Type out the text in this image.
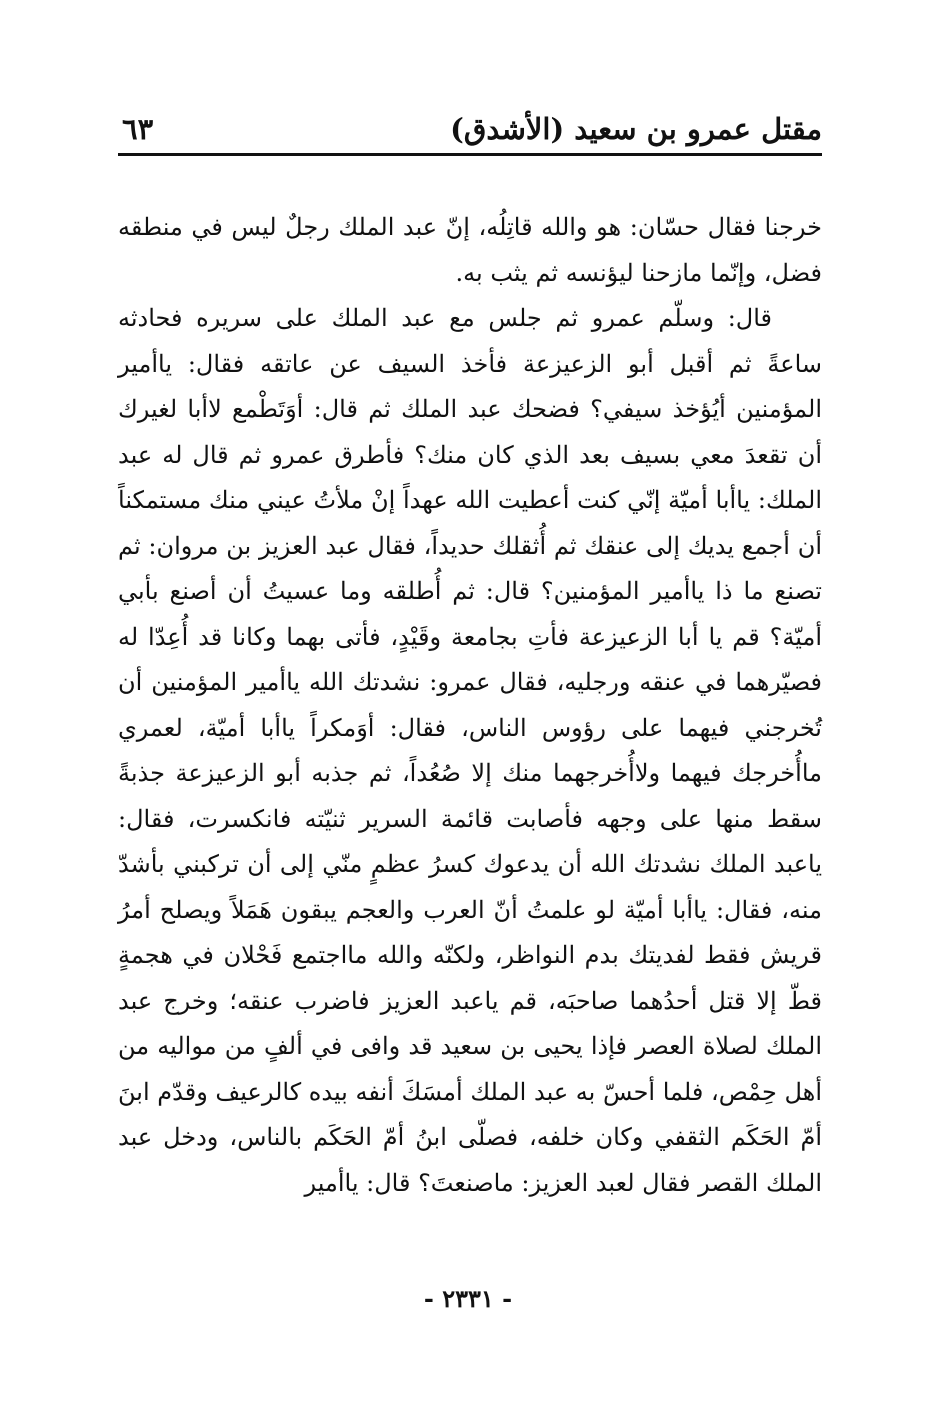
مقتل عمرو بن سعيد (الأشدق)
٦٣

خرجنا فقال حسّان: هو والله قاتِلُه، إنّ عبد الملك رجلٌ ليس في منطقه فضل، وإنّما مازحنا ليؤنسه ثم يثب به.

قال: وسلّم عمرو ثم جلس مع عبد الملك على سريره فحادثه ساعةً ثم أقبل أبو الزعيزعة فأخذ السيف عن عاتقه فقال: ياأمير المؤمنين أيُؤخذ سيفي؟ فضحك عبد الملك ثم قال: أوَتَطْمع لاأبا لغيرك أن تقعدَ معي بسيف بعد الذي كان منك؟ فأطرق عمرو ثم قال له عبد الملك: ياأبا أميّة إنّي كنت أعطيت الله عهداً إنْ ملأتُ عيني منك مستمكناً أن أجمع يديك إلى عنقك ثم أُثقلك حديداً، فقال عبد العزيز بن مروان: ثم تصنع ما ذا ياأمير المؤمنين؟ قال: ثم أُطلقه وما عسيتُ أن أصنع بأبي أميّة؟ قم يا أبا الزعيزعة فأتِ بجامعة وقَيْدٍ، فأتى بهما وكانا قد أُعِدّا له فصيّرهما في عنقه ورجليه، فقال عمرو: نشدتك الله ياأمير المؤمنين أن تُخرجني فيهما على رؤوس الناس، فقال: أوَمكراً ياأبا أميّة، لعمري ماأُخرجك فيهما ولاأُخرجهما منك إلا صُعُداً، ثم جذبه أبو الزعيزعة جذبةً سقط منها على وجهه فأصابت قائمة السرير ثنيّته فانكسرت، فقال: ياعبد الملك نشدتك الله أن يدعوك كسرُ عظمٍ منّي إلى أن تركبني بأشدّ منه، فقال: ياأبا أميّة لو علمتُ أنّ العرب والعجم يبقون هَمَلاً ويصلح أمرُ قريش فقط لفديتك بدم النواظر، ولكنّه والله مااجتمع فَحْلان في هجمةٍ قطّ إلا قتل أحدُهما صاحبَه، قم ياعبد العزيز فاضرب عنقه؛ وخرج عبد الملك لصلاة العصر فإذا يحيى بن سعيد قد وافى في ألفٍ من مواليه من أهل حِمْص، فلما أحسّ به عبد الملك أمسَكَ أنفه بيده كالرعيف وقدّم ابنَ أمّ الحَكَم الثقفي وكان خلفه، فصلّى ابنُ أمّ الحَكَم بالناس، ودخل عبد الملك القصر فقال لعبد العزيز: ماصنعتَ؟ قال: ياأمير

- ٢٣٣١ -
